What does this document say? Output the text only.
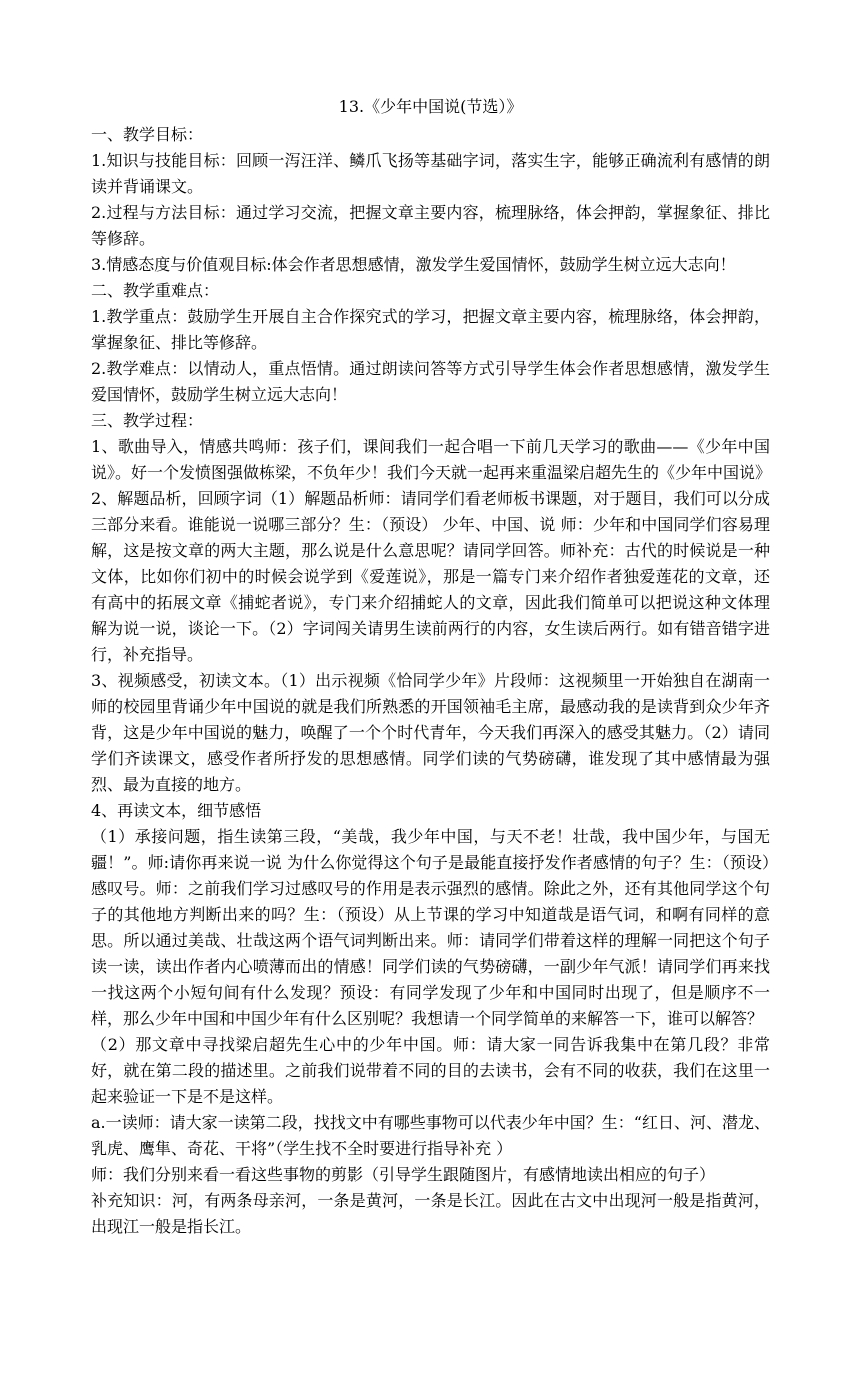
13.《少年中国说(节选）》

一、教学目标：

1.知识与技能目标：回顾一泻汪洋、鳞爪飞扬等基础字词，落实生字，能够正确流利有感情的朗读并背诵课文。

2.过程与方法目标：通过学习交流，把握文章主要内容，梳理脉络，体会押韵，掌握象征、排比等修辞。

3.情感态度与价值观目标:体会作者思想感情，激发学生爱国情怀，鼓励学生树立远大志向！

二、教学重难点：

1.教学重点：鼓励学生开展自主合作探究式的学习，把握文章主要内容，梳理脉络，体会押韵，掌握象征、排比等修辞。

2.教学难点：以情动人，重点悟情。通过朗读问答等方式引导学生体会作者思想感情，激发学生爱国情怀，鼓励学生树立远大志向！

三、教学过程：

1、歌曲导入，情感共鸣师：孩子们，课间我们一起合唱一下前几天学习的歌曲——《少年中国说》。好一个发愤图强做栋梁，不负年少！我们今天就一起再来重温梁启超先生的《少年中国说》

2、解题品析，回顾字词（1）解题品析师：请同学们看老师板书课题，对于题目，我们可以分成三部分来看。谁能说一说哪三部分？生：（预设） 少年、中国、说 师：少年和中国同学们容易理解，这是按文章的两大主题，那么说是什么意思呢？请同学回答。师补充：古代的时候说是一种文体，比如你们初中的时候会说学到《爱莲说》，那是一篇专门来介绍作者独爱莲花的文章，还有高中的拓展文章《捕蛇者说》，专门来介绍捕蛇人的文章，因此我们简单可以把说这种文体理解为说一说，谈论一下。（2）字词闯关请男生读前两行的内容，女生读后两行。如有错音错字进行，补充指导。

3、视频感受，初读文本。（1）出示视频《恰同学少年》片段师：这视频里一开始独自在湖南一师的校园里背诵少年中国说的就是我们所熟悉的开国领袖毛主席，最感动我的是读背到众少年齐背，这是少年中国说的魅力，唤醒了一个个时代青年，今天我们再深入的感受其魅力。（2）请同学们齐读课文，感受作者所抒发的思想感情。同学们读的气势磅礴，谁发现了其中感情最为强烈、最为直接的地方。

4、再读文本，细节感悟

（1）承接问题，指生读第三段，“美哉，我少年中国，与天不老！壮哉，我中国少年，与国无疆！”。师:请你再来说一说 为什么你觉得这个句子是最能直接抒发作者感情的句子？生：（预设）感叹号。师：之前我们学习过感叹号的作用是表示强烈的感情。除此之外，还有其他同学这个句子的其他地方判断出来的吗？生：（预设）从上节课的学习中知道哉是语气词，和啊有同样的意思。所以通过美哉、壮哉这两个语气词判断出来。师：请同学们带着这样的理解一同把这个句子读一读，读出作者内心喷薄而出的情感！同学们读的气势磅礴，一副少年气派！请同学们再来找一找这两个小短句间有什么发现？预设：有同学发现了少年和中国同时出现了，但是顺序不一样，那么少年中国和中国少年有什么区别呢？我想请一个同学简单的来解答一下，谁可以解答？

（2）那文章中寻找梁启超先生心中的少年中国。师：请大家一同告诉我集中在第几段？非常好，就在第二段的描述里。之前我们说带着不同的目的去读书，会有不同的收获，我们在这里一起来验证一下是不是这样。

a.一读师：请大家一读第二段，找找文中有哪些事物可以代表少年中国？生：“红日、河、潜龙、乳虎、鹰隼、奇花、干将”（学生找不全时要进行指导补充 ）

师：我们分别来看一看这些事物的剪影（引导学生跟随图片，有感情地读出相应的句子）

补充知识：河，有两条母亲河，一条是黄河，一条是长江。因此在古文中出现河一般是指黄河，出现江一般是指长江。
